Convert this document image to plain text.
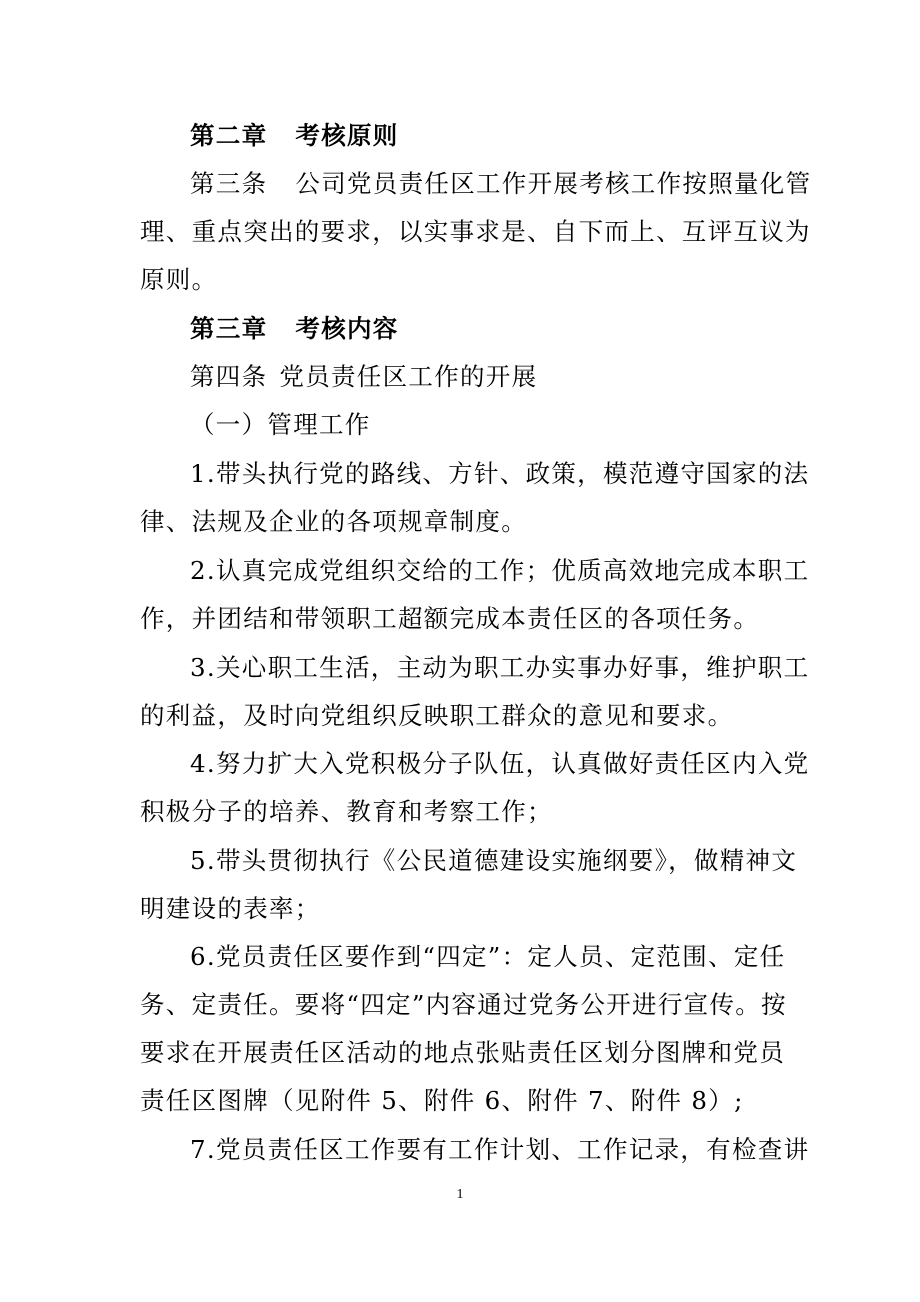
第二章 考核原则
第三条 公司党员责任区工作开展考核工作按照量化管
理、重点突出的要求，以实事求是、自下而上、互评互议为
原则。
第三章 考核内容
第四条 党员责任区工作的开展
（一）管理工作
1.带头执行党的路线、方针、政策，模范遵守国家的法
律、法规及企业的各项规章制度。
2.认真完成党组织交给的工作；优质高效地完成本职工
作，并团结和带领职工超额完成本责任区的各项任务。
3.关心职工生活，主动为职工办实事办好事，维护职工
的利益，及时向党组织反映职工群众的意见和要求。
4.努力扩大入党积极分子队伍，认真做好责任区内入党
积极分子的培养、教育和考察工作；
5.带头贯彻执行《公民道德建设实施纲要》，做精神文
明建设的表率；
6.党员责任区要作到“四定”：定人员、定范围、定任
务、定责任。要将“四定”内容通过党务公开进行宣传。按
要求在开展责任区活动的地点张贴责任区划分图牌和党员
责任区图牌（见附件 5、附件 6、附件 7、附件 8）;
7.党员责任区工作要有工作计划、工作记录，有检查讲
1
